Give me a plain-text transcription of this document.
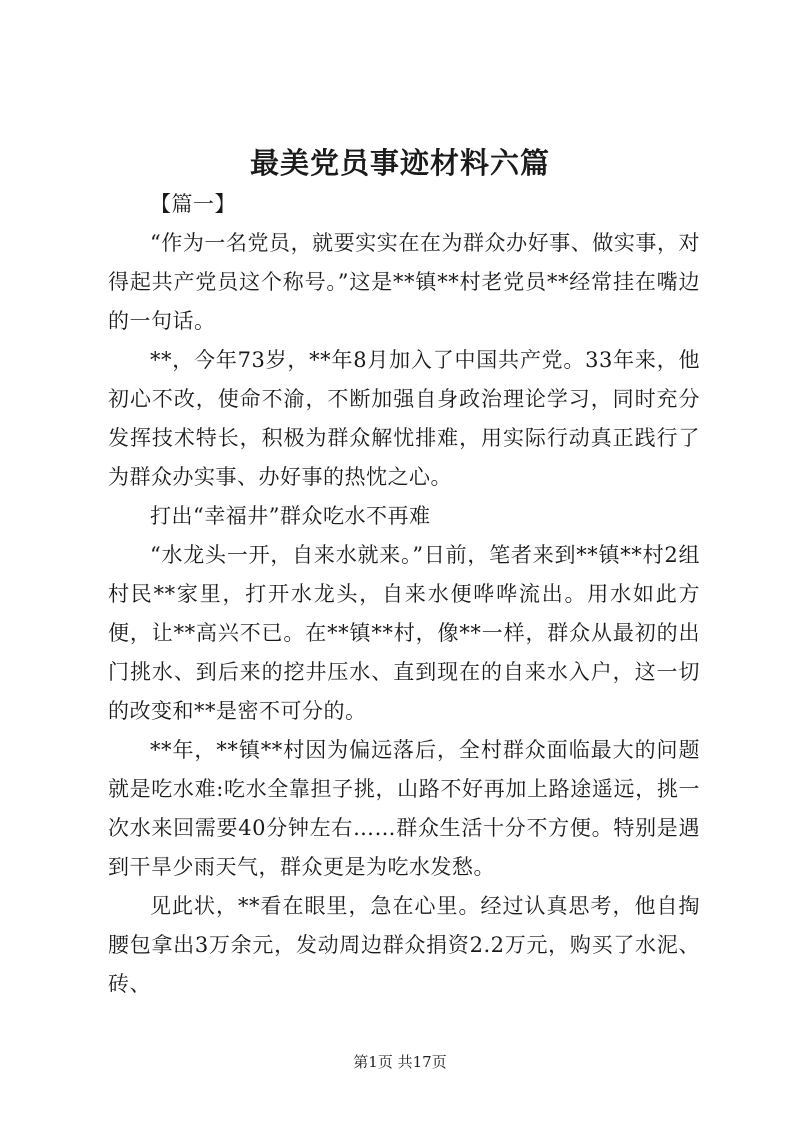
最美党员事迹材料六篇

【篇一】

“作为一名党员，就要实实在在为群众办好事、做实事，对得起共产党员这个称号。”这是**镇**村老党员**经常挂在嘴边的一句话。

**，今年73岁，**年8月加入了中国共产党。33年来，他初心不改，使命不渝，不断加强自身政治理论学习，同时充分发挥技术特长，积极为群众解忧排难，用实际行动真正践行了为群众办实事、办好事的热忱之心。

打出“幸福井”群众吃水不再难

“水龙头一开，自来水就来。”日前，笔者来到**镇**村2组村民**家里，打开水龙头，自来水便哗哗流出。用水如此方便，让**高兴不已。在**镇**村，像**一样，群众从最初的出门挑水、到后来的挖井压水、直到现在的自来水入户，这一切的改变和**是密不可分的。

**年，**镇**村因为偏远落后，全村群众面临最大的问题就是吃水难:吃水全靠担子挑，山路不好再加上路途遥远，挑一次水来回需要40分钟左右……群众生活十分不方便。特别是遇到干旱少雨天气，群众更是为吃水发愁。

见此状，**看在眼里，急在心里。经过认真思考，他自掏腰包拿出3万余元，发动周边群众捐资2.2万元，购买了水泥、砖、

第1页 共17页
